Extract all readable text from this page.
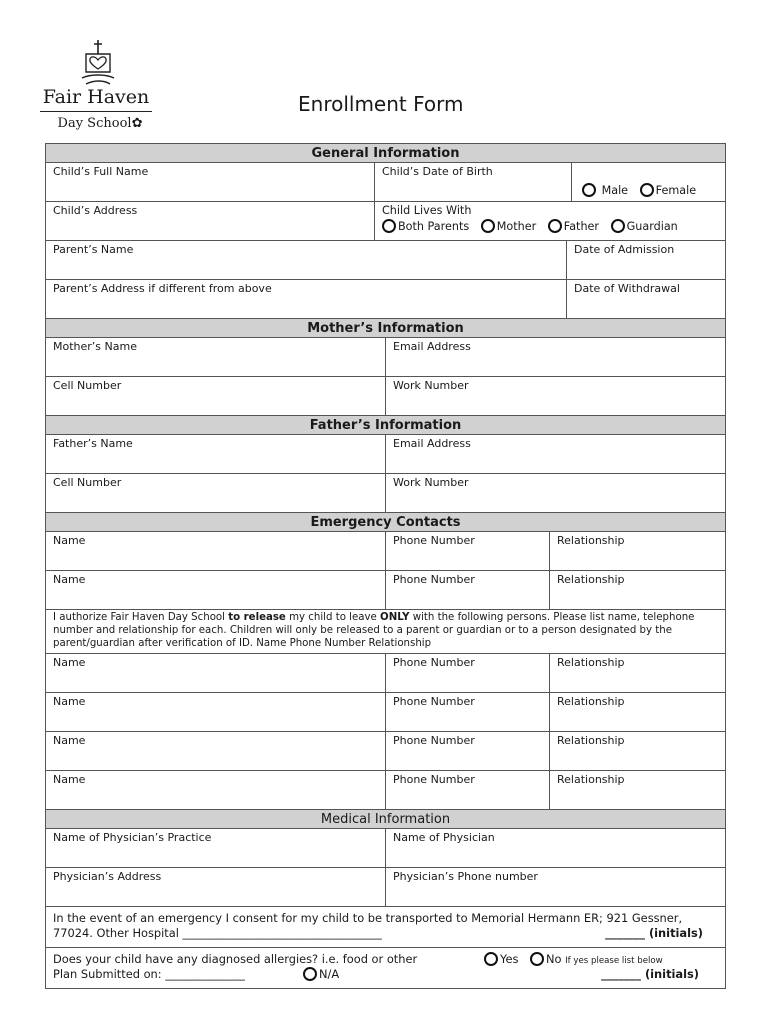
Fair Haven
Day School✿
Enrollment Form
General Information
Child’s Full Name	Child’s Date of Birth
Male Female
Child’s Address	Child Lives With
Both Parents Mother Father Guardian
Parent’s Name	Date of Admission
Parent’s Address if different from above	Date of Withdrawal
Mother’s Information
Mother’s Name	Email Address
Cell Number	Work Number
Father’s Information
Father’s Name	Email Address
Cell Number	Work Number
Emergency Contacts
Name	Phone Number	Relationship
Name	Phone Number	Relationship
I authorize Fair Haven Day School to release my child to leave ONLY with the following persons. Please list name, telephone number and relationship for each. Children will only be released to a parent or guardian or to a person designated by the parent/guardian after verification of ID. Name Phone Number Relationship
Name	Phone Number	Relationship
Name	Phone Number	Relationship
Name	Phone Number	Relationship
Name	Phone Number	Relationship
Medical Information
Name of Physician’s Practice	Name of Physician
Physician’s Address	Physician’s Phone number
In the event of an emergency I consent for my child to be transported to Memorial Hermann ER; 921 Gessner,
77024. Other Hospital ___________________________________	_______ (initials)
Does your child have any diagnosed allergies? i.e. food or other	Yes	No If yes please list below
Plan Submitted on: ______________	N/A	_______ (initials)
